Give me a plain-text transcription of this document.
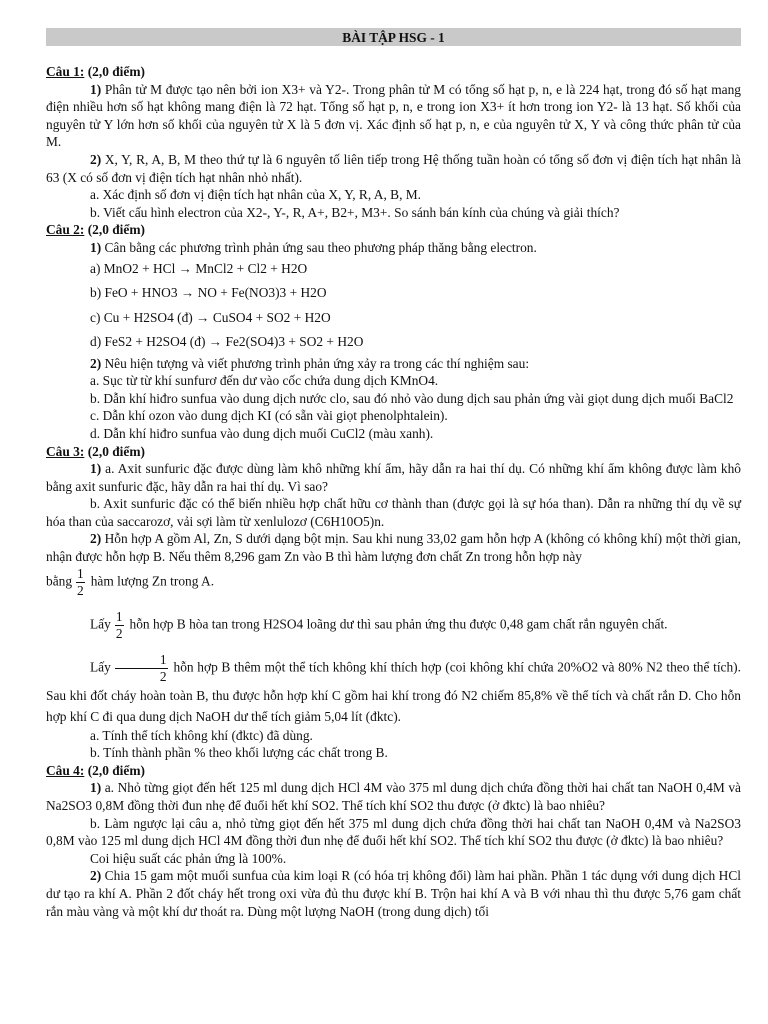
BÀI TẬP HSG - 1

Câu 1: (2,0 điểm)

1) Phân tử M được tạo nên bởi ion X3+ và Y2-. Trong phân tử M có tổng số hạt p, n, e là 224 hạt, trong đó số hạt mang điện nhiều hơn số hạt không mang điện là 72 hạt. Tổng số hạt p, n, e trong ion X3+ ít hơn trong ion Y2- là 13 hạt. Số khối của nguyên tử Y lớn hơn số khối của nguyên tử X là 5 đơn vị. Xác định số hạt p, n, e của nguyên tử X, Y và công thức phân tử của M.

2) X, Y, R, A, B, M theo thứ tự là 6 nguyên tố liên tiếp trong Hệ thống tuần hoàn có tổng số đơn vị điện tích hạt nhân là 63 (X có số đơn vị điện tích hạt nhân nhỏ nhất).

a. Xác định số đơn vị điện tích hạt nhân của X, Y, R, A, B, M.

b. Viết cấu hình electron của X2-, Y-, R, A+, B2+, M3+. So sánh bán kính của chúng và giải thích?

Câu 2: (2,0 điểm)

1) Cân bằng các phương trình phản ứng sau theo phương pháp thăng bằng electron.

a) MnO2 + HCl → MnCl2 + Cl2 + H2O
b) FeO + HNO3 → NO + Fe(NO3)3 + H2O
c) Cu + H2SO4 (đ) → CuSO4 + SO2 + H2O
d) FeS2 + H2SO4 (đ) → Fe2(SO4)3 + SO2 + H2O

2) Nêu hiện tượng và viết phương trình phản ứng xảy ra trong các thí nghiệm sau:

a. Sục từ từ khí sunfurơ đến dư vào cốc chứa dung dịch KMnO4.

b. Dẫn khí hiđro sunfua vào dung dịch nước clo, sau đó nhỏ vào dung dịch sau phản ứng vài giọt dung dịch muối BaCl2

c. Dẫn khí ozon vào dung dịch KI (có sẵn vài giọt phenolphtalein).

d. Dẫn khí hiđro sunfua vào dung dịch muối CuCl2 (màu xanh).

Câu 3: (2,0 điểm)

1) a. Axit sunfuric đặc được dùng làm khô những khí ẩm, hãy dẫn ra hai thí dụ. Có những khí ẩm không được làm khô bằng axit sunfuric đặc, hãy dẫn ra hai thí dụ. Vì sao?

b. Axit sunfuric đặc có thể biến nhiều hợp chất hữu cơ thành than (được gọi là sự hóa than). Dẫn ra những thí dụ về sự hóa than của saccarozơ, vải sợi làm từ xenlulozơ (C6H10O5)n.

2) Hỗn hợp A gồm Al, Zn, S dưới dạng bột mịn. Sau khi nung 33,02 gam hỗn hợp A (không có không khí) một thời gian, nhận được hỗn hợp B. Nếu thêm 8,296 gam Zn vào B thì hàm lượng đơn chất Zn trong hỗn hợp này

bằng $\frac{1}{2}$ hàm lượng Zn trong A.

Lấy $\frac{1}{2}$ hỗn hợp B hòa tan trong H2SO4 loãng dư thì sau phản ứng thu được 0,48 gam chất rắn nguyên chất.

Lấy $\frac{1}{2}$ hỗn hợp B thêm một thể tích không khí thích hợp (coi không khí chứa 20%O2 và 80% N2 theo thể tích). Sau khi đốt cháy hoàn toàn B, thu được hỗn hợp khí C gồm hai khí trong đó N2 chiếm 85,8% về thể tích và chất rắn D. Cho hỗn hợp khí C đi qua dung dịch NaOH dư thể tích giảm 5,04 lít (đktc).

a. Tính thể tích không khí (đktc) đã dùng.

b. Tính thành phần % theo khối lượng các chất trong B.

Câu 4: (2,0 điểm)

1) a. Nhỏ từng giọt đến hết 125 ml dung dịch HCl 4M vào 375 ml dung dịch chứa đồng thời hai chất tan NaOH 0,4M và Na2SO3 0,8M đồng thời đun nhẹ để đuổi hết khí SO2. Thể tích khí SO2 thu được (ở đktc) là bao nhiêu?

b. Làm ngược lại câu a, nhỏ từng giọt đến hết 375 ml dung dịch chứa đồng thời hai chất tan NaOH 0,4M và Na2SO3 0,8M vào 125 ml dung dịch HCl 4M đồng thời đun nhẹ để đuổi hết khí SO2. Thể tích khí SO2 thu được (ở đktc) là bao nhiêu?

Coi hiệu suất các phản ứng là 100%.

2) Chia 15 gam một muối sunfua của kim loại R (có hóa trị không đổi) làm hai phần. Phần 1 tác dụng với dung dịch HCl dư tạo ra khí A. Phần 2 đốt cháy hết trong oxi vừa đủ thu được khí B. Trộn hai khí A và B với nhau thì thu được 5,76 gam chất rắn màu vàng và một khí dư thoát ra. Dùng một lượng NaOH (trong dung dịch) tối
